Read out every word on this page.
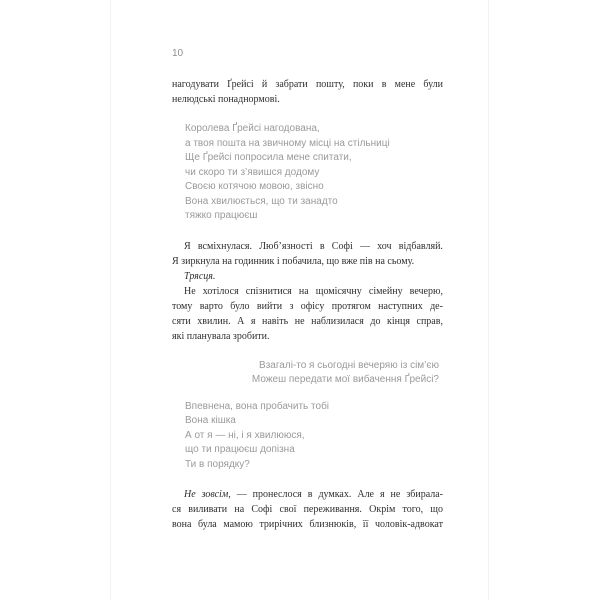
10
нагодувати Ґрейсі й забрати пошту, поки в мене були
нелюдські понаднормові.
Королева Ґрейсі нагодована,
а твоя пошта на звичному місці на стільниці
Ще Ґрейсі попросила мене спитати,
чи скоро ти з’явишся додому
Своєю котячою мовою, звісно
Вона хвилюється, що ти занадто
тяжко працюєш
Я всміхнулася. Люб’язності в Софі — хоч відбавляй.
Я зиркнула на годинник і побачила, що вже пів на сьому.
Трясця.
Не хотілося спізнитися на щомісячну сімейну вечерю,
тому варто було вийти з офісу протягом наступних де-
сяти хвилин. А я навіть не наблизилася до кінця справ,
які планувала зробити.
Взагалі-то я сьогодні вечеряю із сім’єю
Можеш передати мої вибачення Ґрейсі?
Впевнена, вона пробачить тобі
Вона кішка
А от я — ні, і я хвилююся,
що ти працюєш допізна
Ти в порядку?
Не зовсім, — пронеслося в думках. Але я не збирала-
ся виливати на Софі свої переживання. Окрім того, що
вона була мамою трирічних близнюків, її чоловік-адвокат
